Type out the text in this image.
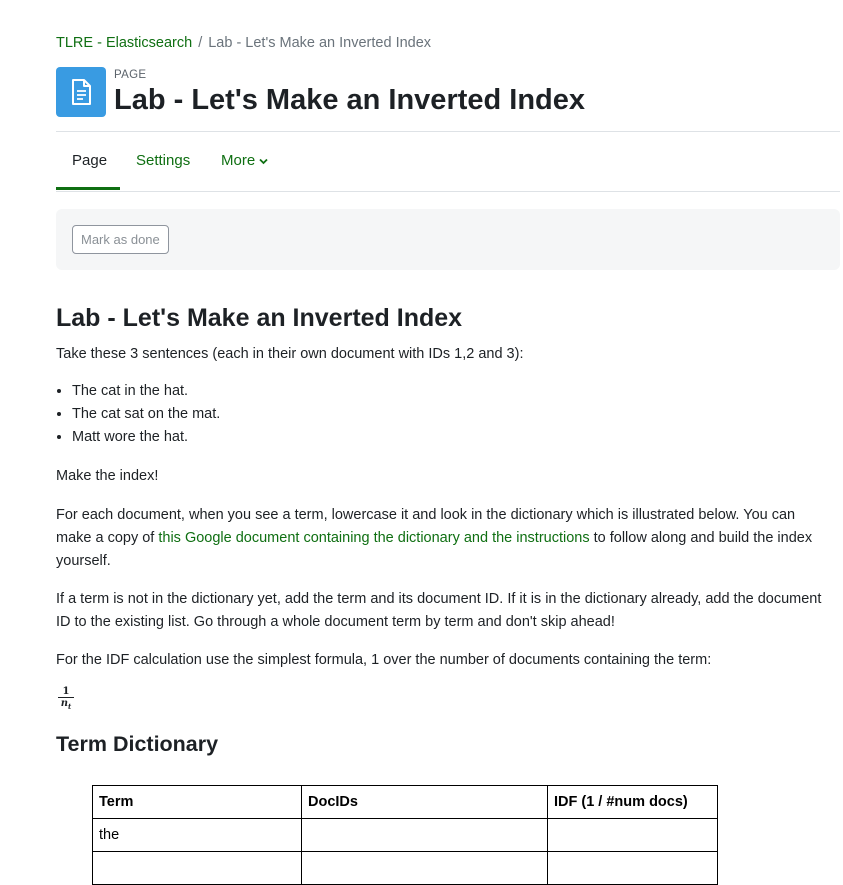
TLRE - Elasticsearch / Lab - Let's Make an Inverted Index
PAGE
Lab - Let's Make an Inverted Index
Page	Settings	More
Mark as done
Lab - Let's Make an Inverted Index

Take these 3 sentences (each in their own document with IDs 1,2 and 3):

• The cat in the hat.
• The cat sat on the mat.
• Matt wore the hat.

Make the index!

For each document, when you see a term, lowercase it and look in the dictionary which is illustrated below. You can make a copy of this Google document containing the dictionary and the instructions to follow along and build the index yourself.

If a term is not in the dictionary yet, add the term and its document ID. If it is in the dictionary already, add the document ID to the existing list. Go through a whole document term by term and don't skip ahead!

For the IDF calculation use the simplest formula, 1 over the number of documents containing the term:

1
$n_t$
Term Dictionary
Term	DocIDs	IDF (1 / #num docs)
the		
